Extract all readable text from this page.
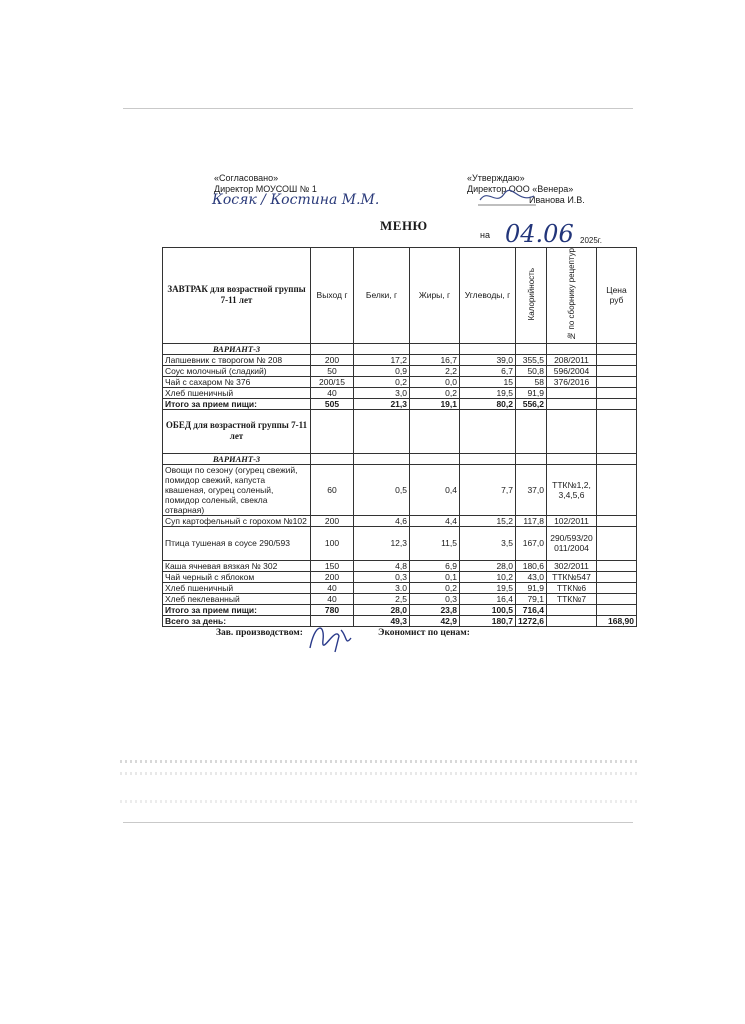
«Согласовано»
Директор МОУСОШ № 1
Косяк / Костина М.М.
«Утверждаю»
Директор ООО «Венера»
Иванова И.В.
МЕНЮ
на 04.06 2025г.
ЗАВТРАК для возрастной группы 7-11 лет	Выход г	Белки, г	Жиры, г	Углеводы, г	Калорийность	№ по сборнику рецептур	Цена руб
ВАРИАНТ-3							
Лапшевник с творогом № 208	200	17,2	16,7	39,0	355,5	208/2011	
Соус молочный (сладкий)	50	0,9	2,2	6,7	50,8	596/2004	
Чай с сахаром № 376	200/15	0,2	0,0	15	58	376/2016	
Хлеб пшеничный	40	3,0	0,2	19,5	91,9		
Итого за прием пищи:	505	21,3	19,1	80,2	556,2		
ОБЕД для возрастной группы 7-11 лет							
ВАРИАНТ-3							
Овощи по сезону (огурец свежий, помидор свежий, капуста квашеная, огурец соленый, помидор соленый, свекла отварная)	60	0,5	0,4	7,7	37,0	ТТК№1,2,3,4,5,6	
Суп картофельный с горохом №102	200	4,6	4,4	15,2	117,8	102/2011	
Птица тушеная в соусе 290/593	100	12,3	11,5	3,5	167,0	290/593/20011/2004	
Каша ячневая вязкая № 302	150	4,8	6,9	28,0	180,6	302/2011	
Чай черный с яблоком	200	0,3	0,1	10,2	43,0	ТТК№547	
Хлеб пшеничный	40	3.0	0,2	19,5	91,9	ТТК№6	
Хлеб пеклеванный	40	2,5	0,3	16,4	79,1	ТТК№7	
Итого за прием пищи:	780	28,0	23,8	100,5	716,4		
Всего за день:		49,3	42,9	180,7	1272,6		168,90
Зав. производством:	Экономист по ценам:
